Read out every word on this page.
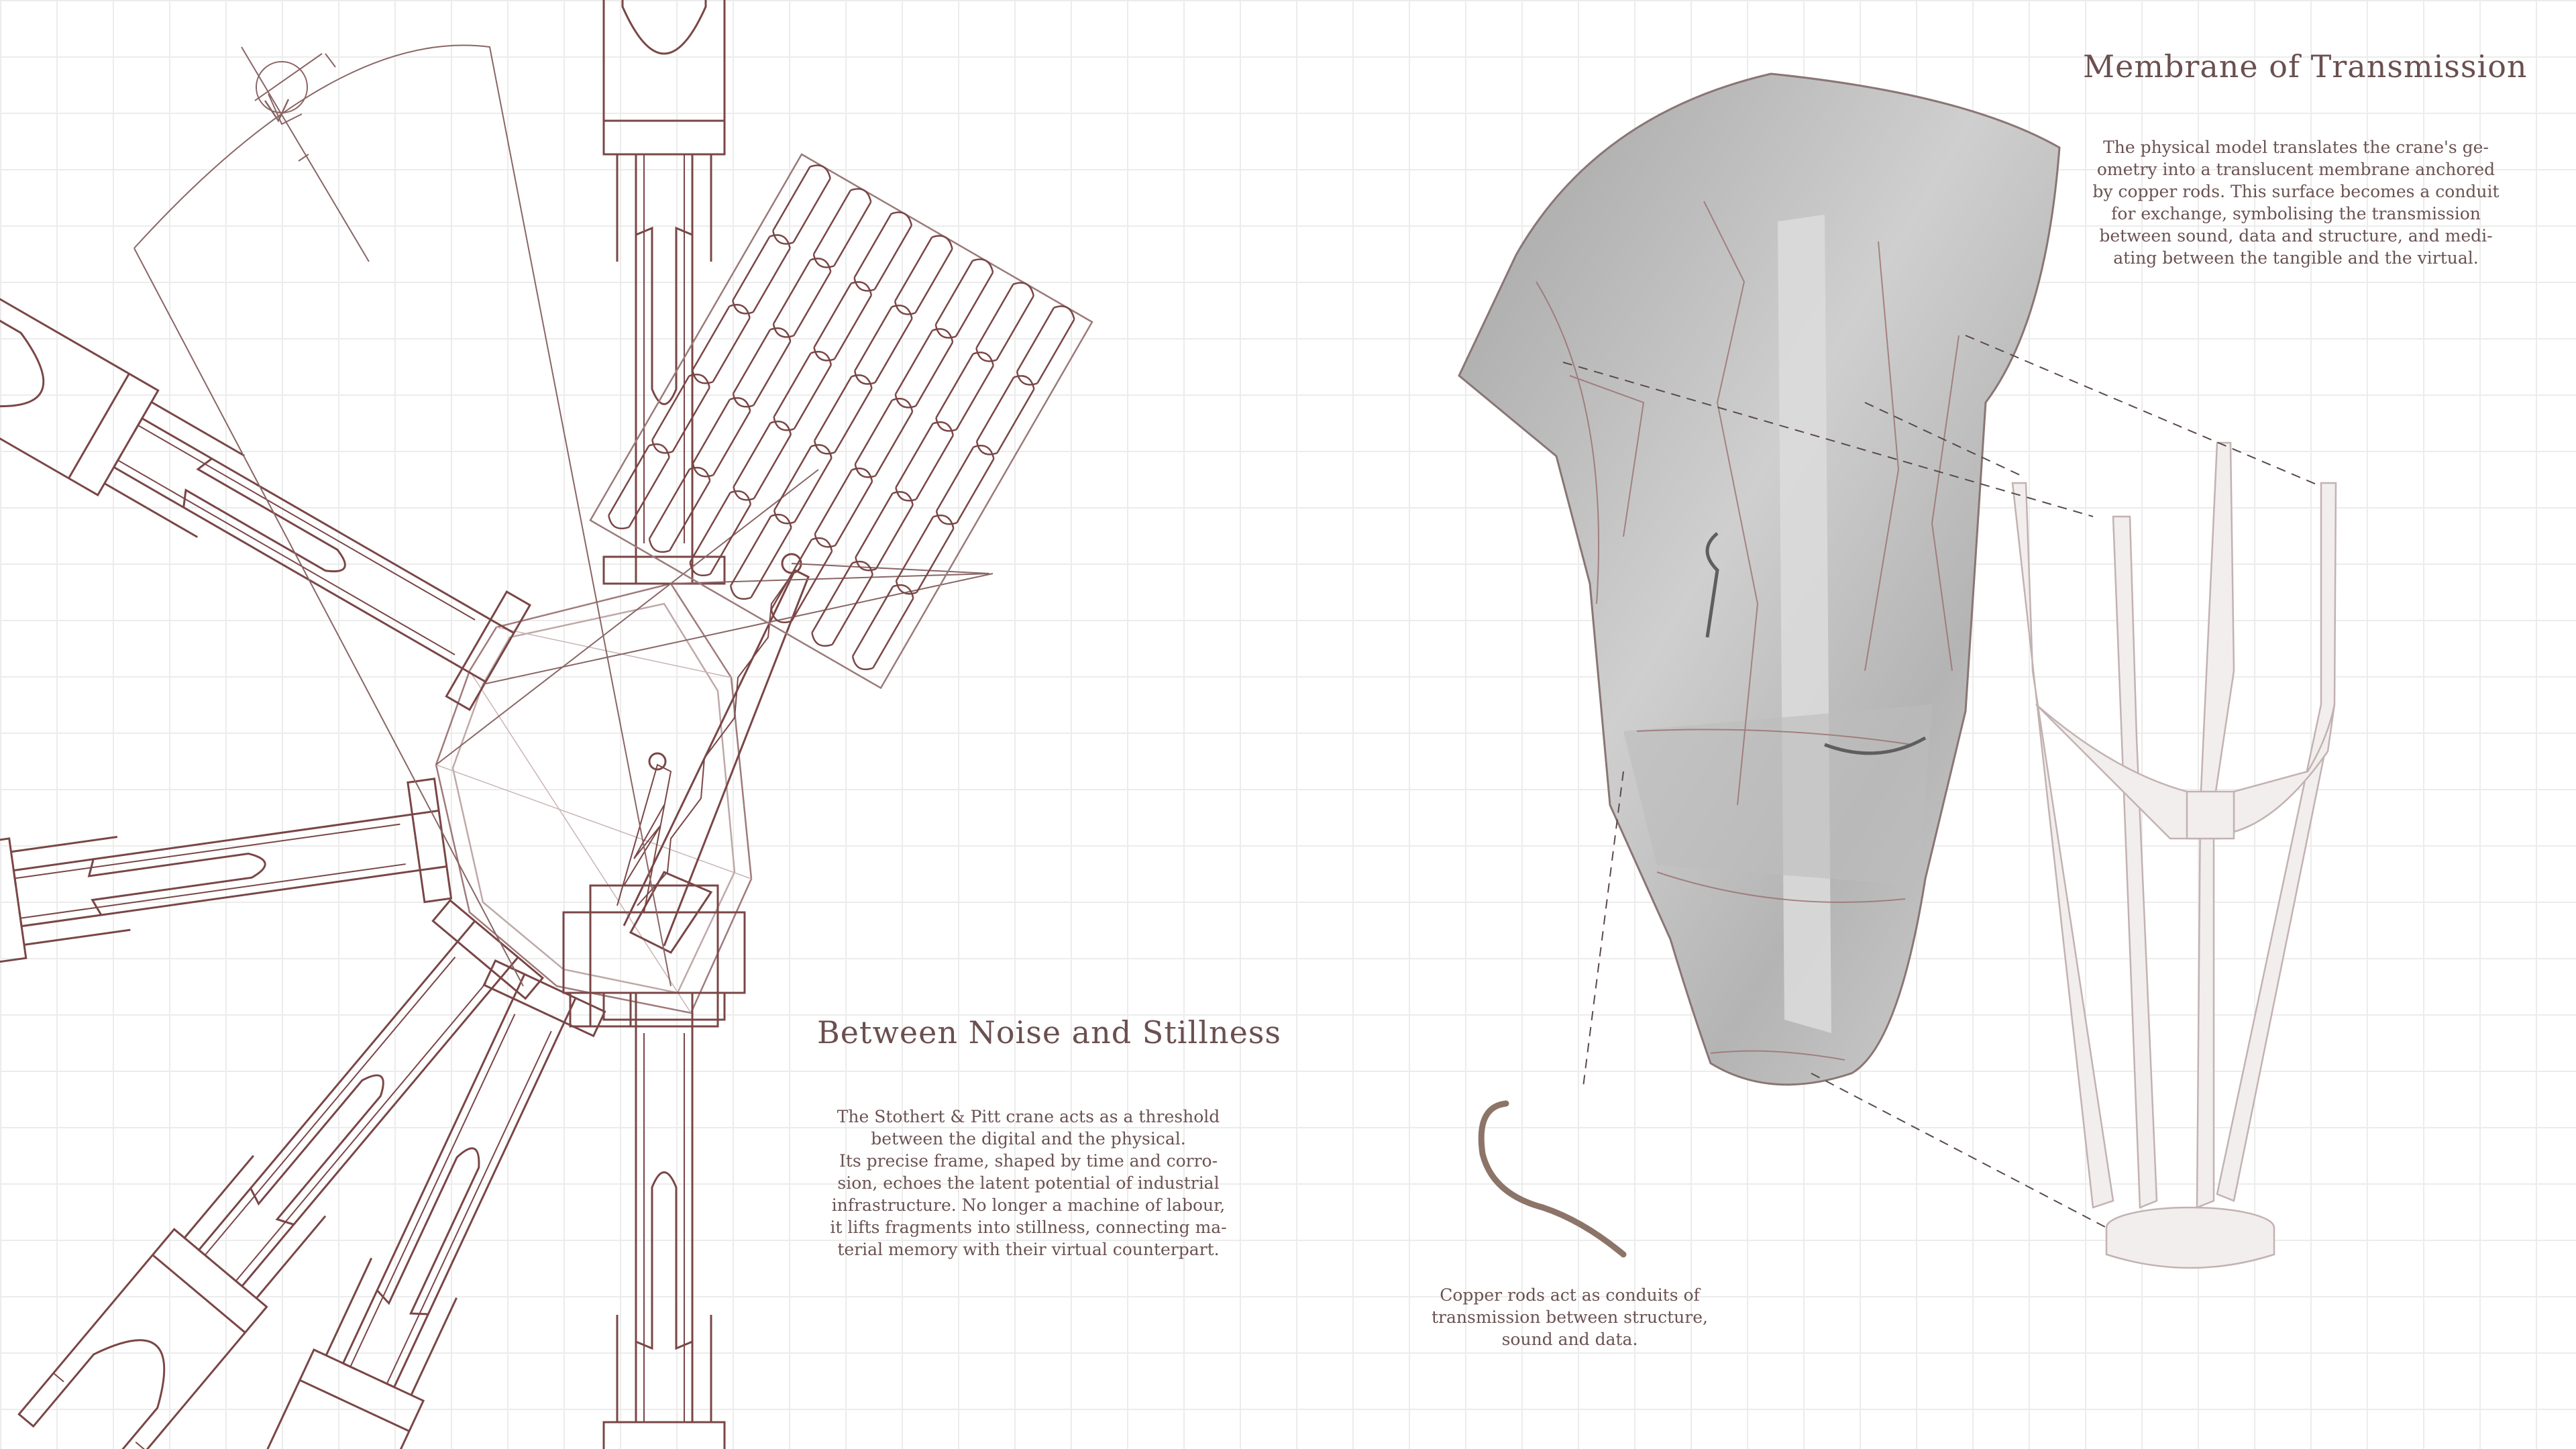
Between Noise and Stillness
The Stothert & Pitt crane acts as a threshold
between the digital and the physical.
Its precise frame, shaped by time and corro-
sion, echoes the latent potential of industrial
infrastructure. No longer a machine of labour,
it lifts fragments into stillness, connecting ma-
terial memory with their virtual counterpart.
Membrane of Transmission
The physical model translates the crane's ge-
ometry into a translucent membrane anchored
by copper rods. This surface becomes a conduit
for exchange, symbolising the transmission
between sound, data and structure, and medi-
ating between the tangible and the virtual.
Copper rods act as conduits of
transmission between structure,
sound and data.
